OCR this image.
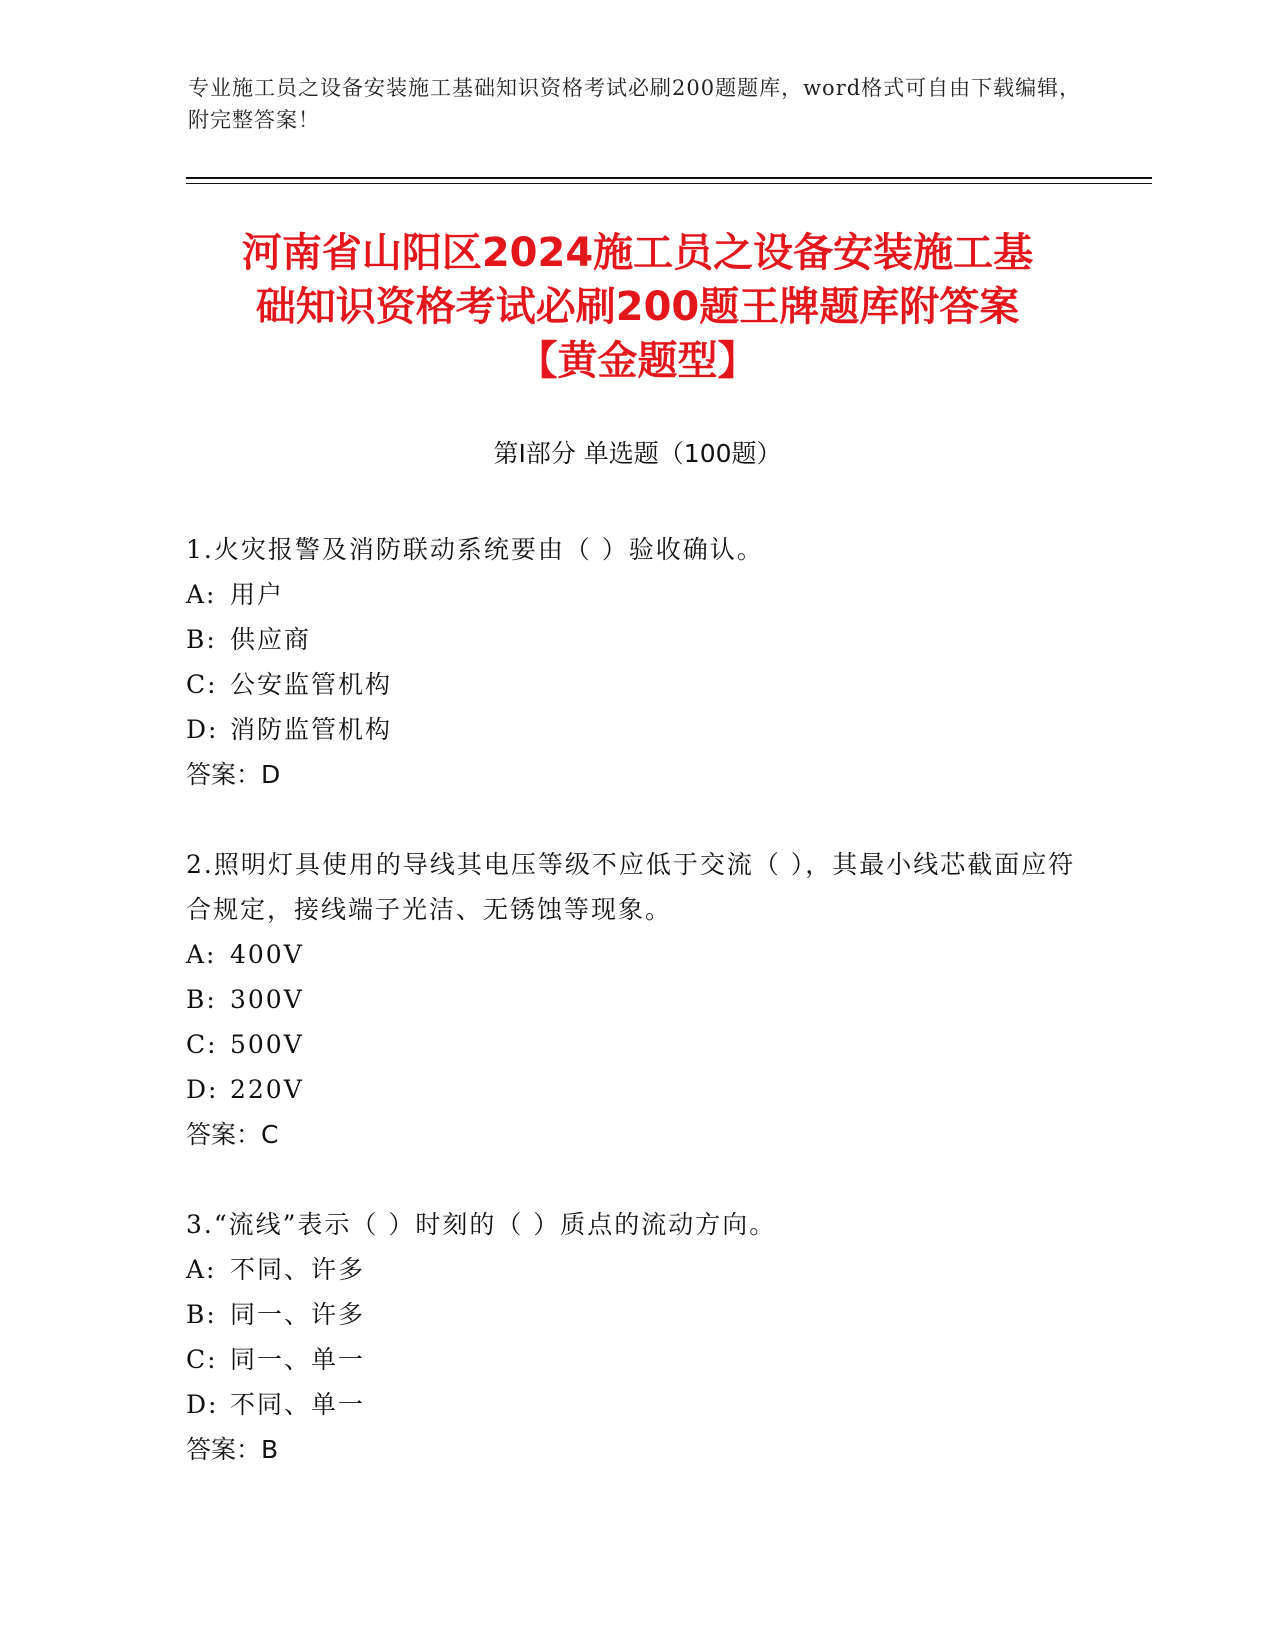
专业施工员之设备安装施工基础知识资格考试必刷200题题库，word格式可自由下载编辑，附完整答案！
河南省山阳区2024施工员之设备安装施工基
础知识资格考试必刷200题王牌题库附答案
【黄金题型】
第I部分 单选题（100题）
1.火灾报警及消防联动系统要由（ ）验收确认。
A: 用户
B: 供应商
C: 公安监管机构
D: 消防监管机构
答案：D
2.照明灯具使用的导线其电压等级不应低于交流（ ），其最小线芯截面应符合规定，接线端子光洁、无锈蚀等现象。
A: 400V
B: 300V
C: 500V
D: 220V
答案：C
3.“流线”表示（ ）时刻的（ ）质点的流动方向。
A: 不同、许多
B: 同一、许多
C: 同一、单一
D: 不同、单一
答案：B
